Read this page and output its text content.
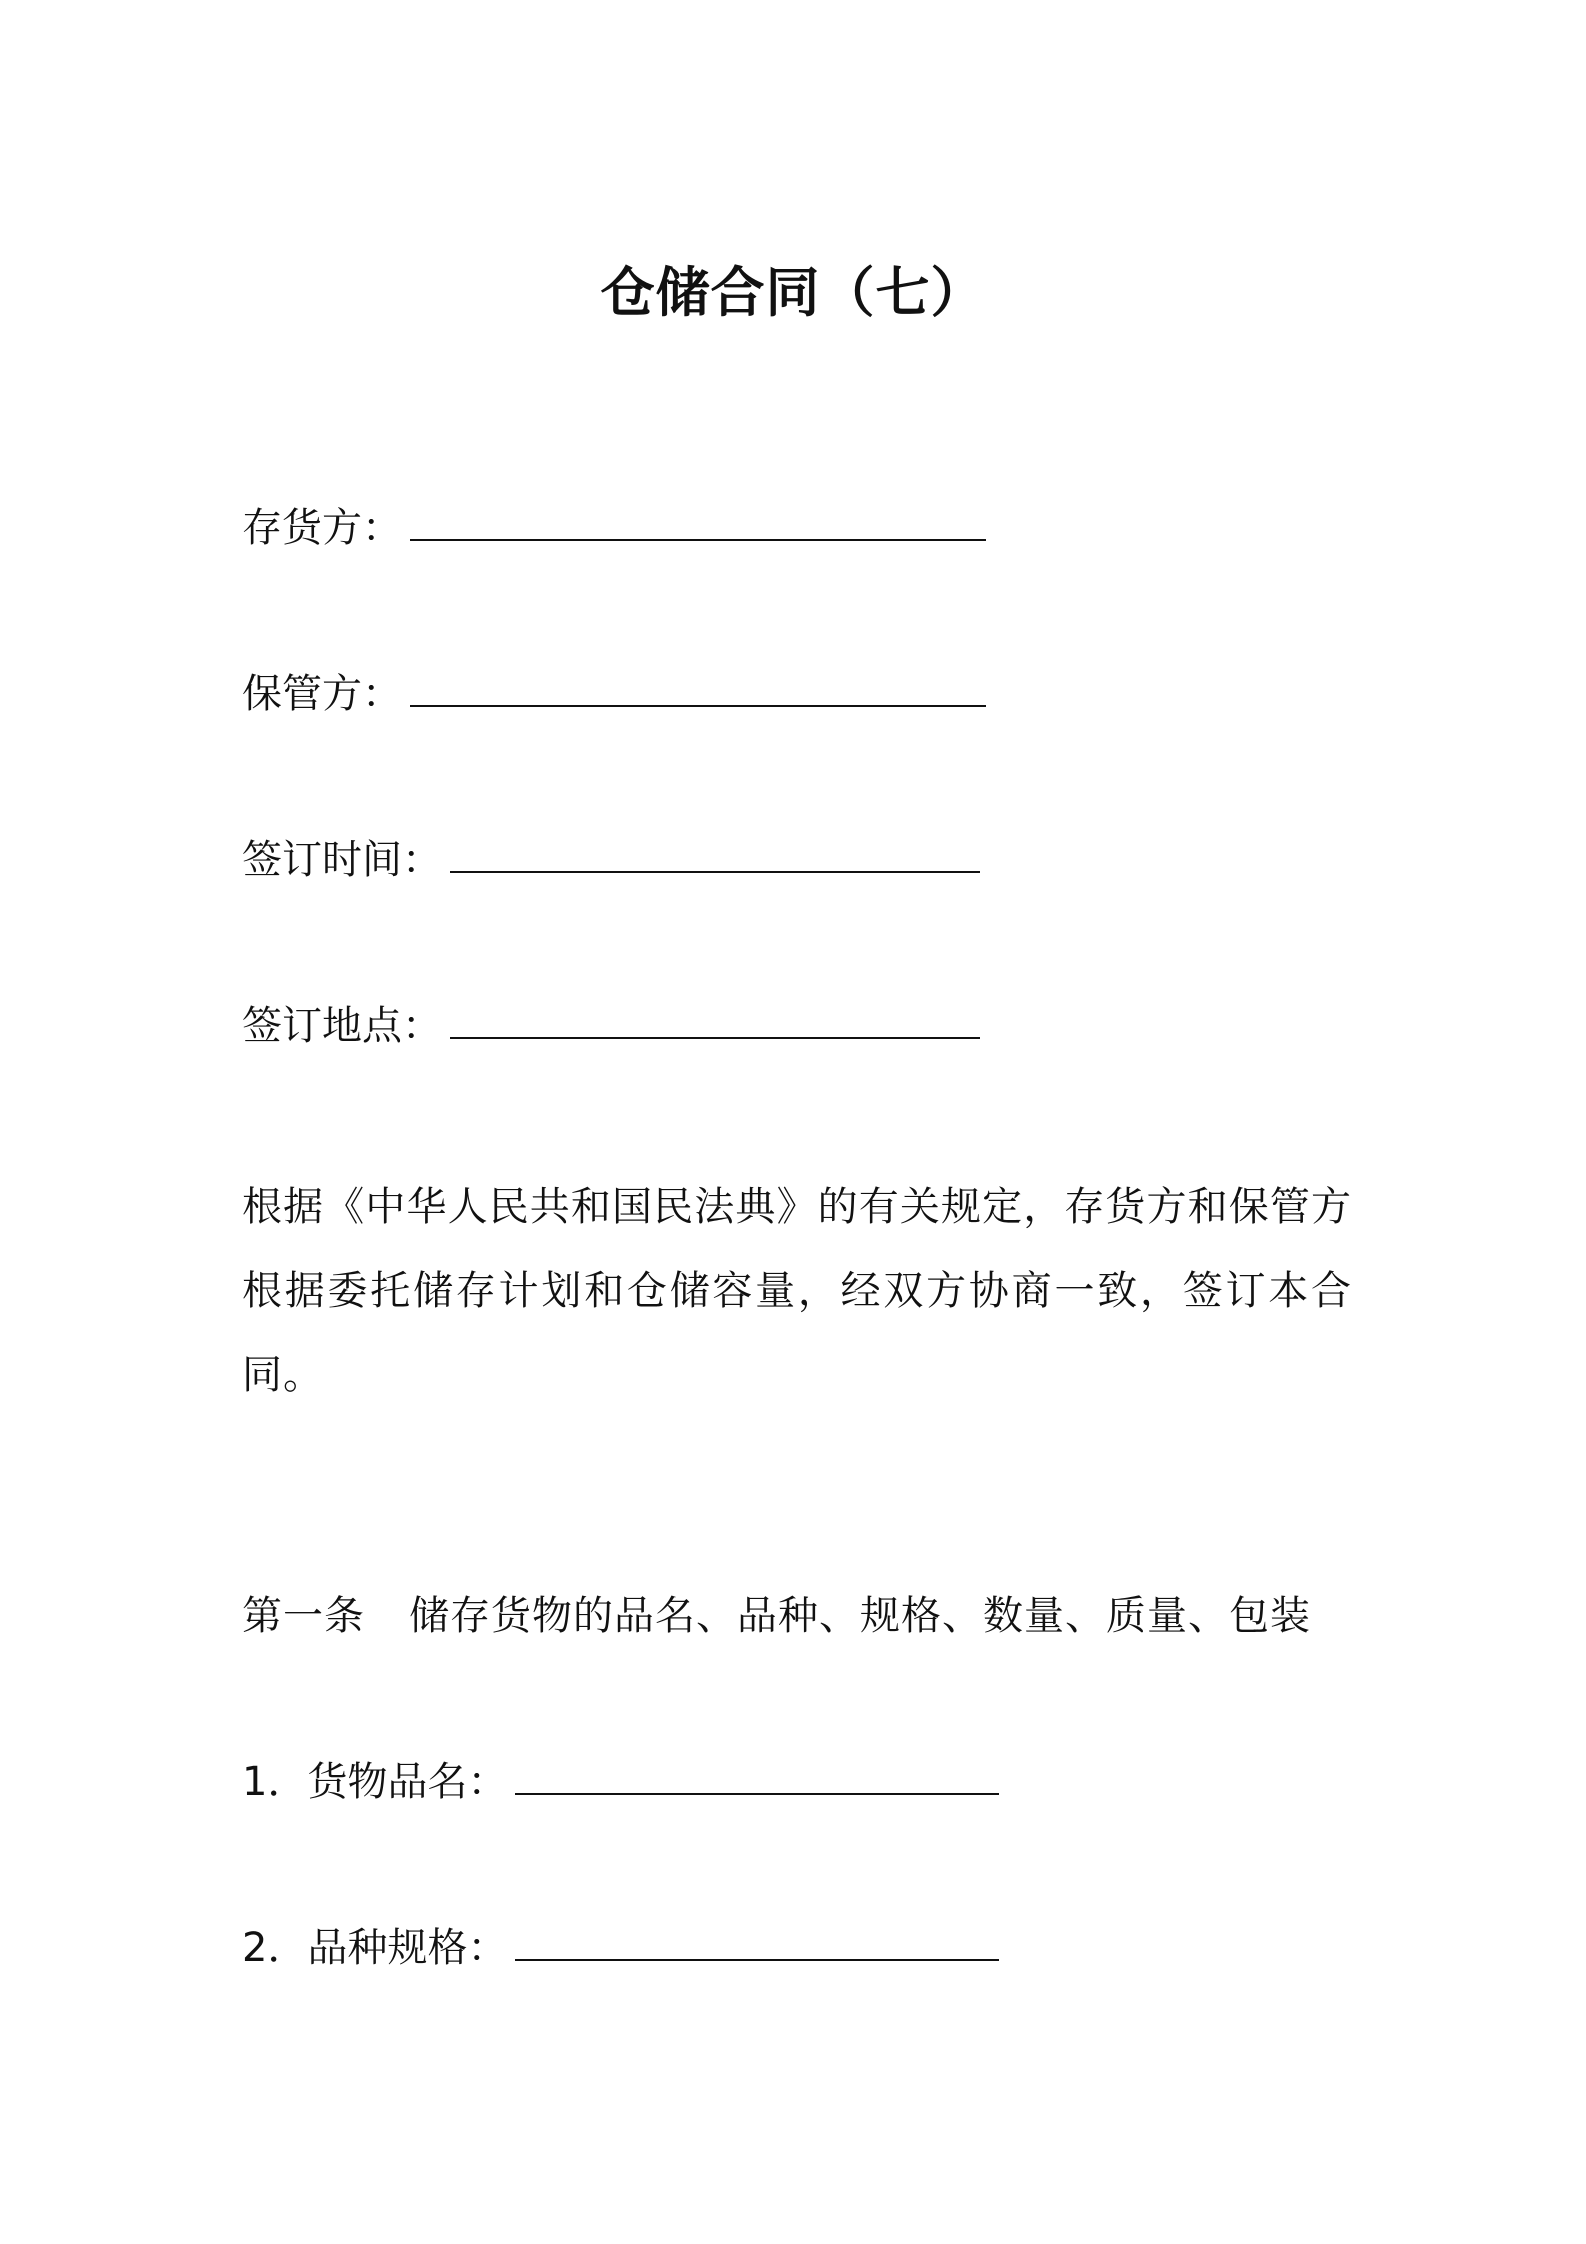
仓储合同（七）
存货方：
保管方：
签订时间：
签订地点：

根据《中华人民共和国民法典》的有关规定，存货方和保管方根据委托储存计划和仓储容量，经双方协商一致，签订本合同。

第一条 储存货物的品名、品种、规格、数量、质量、包装
1．货物品名：
2．品种规格：
